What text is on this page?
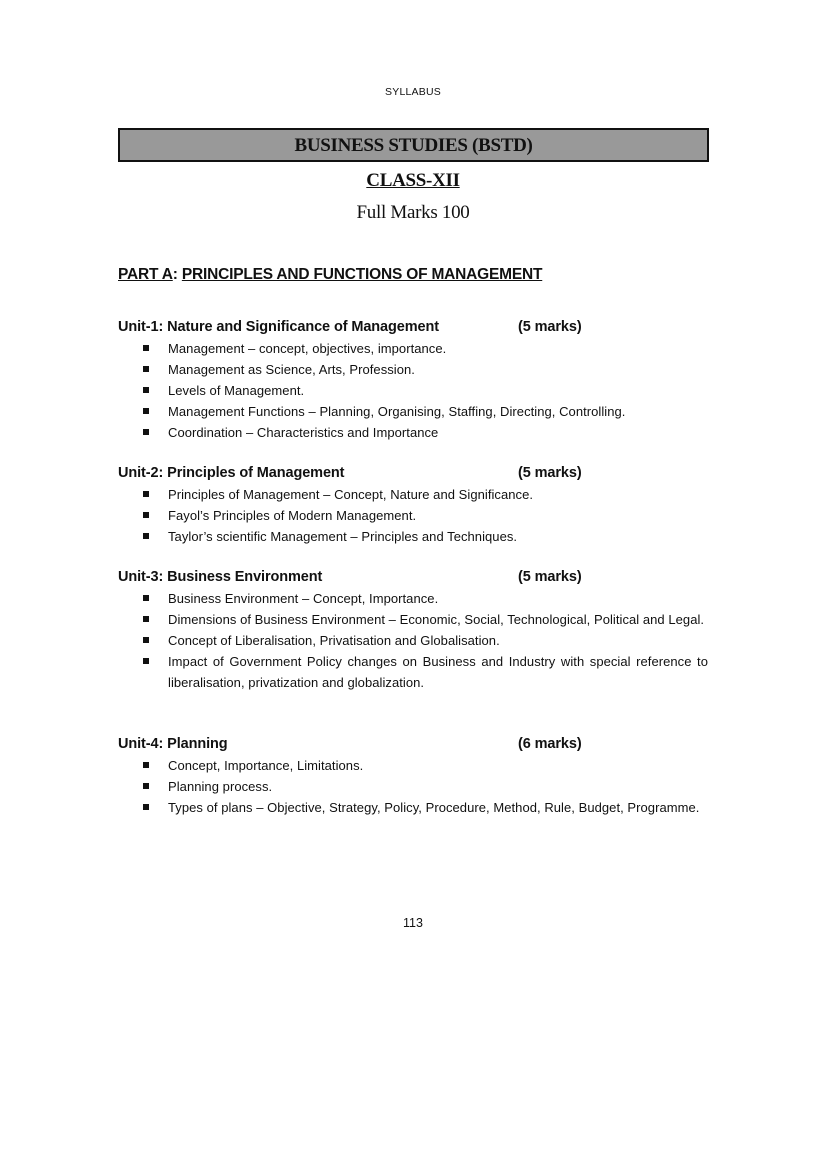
SYLLABUS
BUSINESS STUDIES (BSTD)
CLASS-XII
Full Marks 100
PART A: PRINCIPLES AND FUNCTIONS OF MANAGEMENT
Unit-1: Nature and Significance of Management	(5 marks)
Management – concept, objectives, importance.
Management as Science, Arts, Profession.
Levels of Management.
Management Functions – Planning, Organising, Staffing, Directing, Controlling.
Coordination – Characteristics and Importance
Unit-2: Principles of Management	(5 marks)
Principles of Management – Concept, Nature and Significance.
Fayol’s Principles of Modern Management.
Taylor’s scientific Management – Principles and Techniques.
Unit-3: Business Environment	(5 marks)
Business Environment – Concept, Importance.
Dimensions of Business Environment – Economic, Social, Technological, Political and Legal.
Concept of Liberalisation, Privatisation and Globalisation.
Impact of Government Policy changes on Business and Industry with special reference to liberalisation, privatization and globalization.
Unit-4: Planning	(6 marks)
Concept, Importance, Limitations.
Planning process.
Types of plans – Objective, Strategy, Policy, Procedure, Method, Rule, Budget, Programme.
113
